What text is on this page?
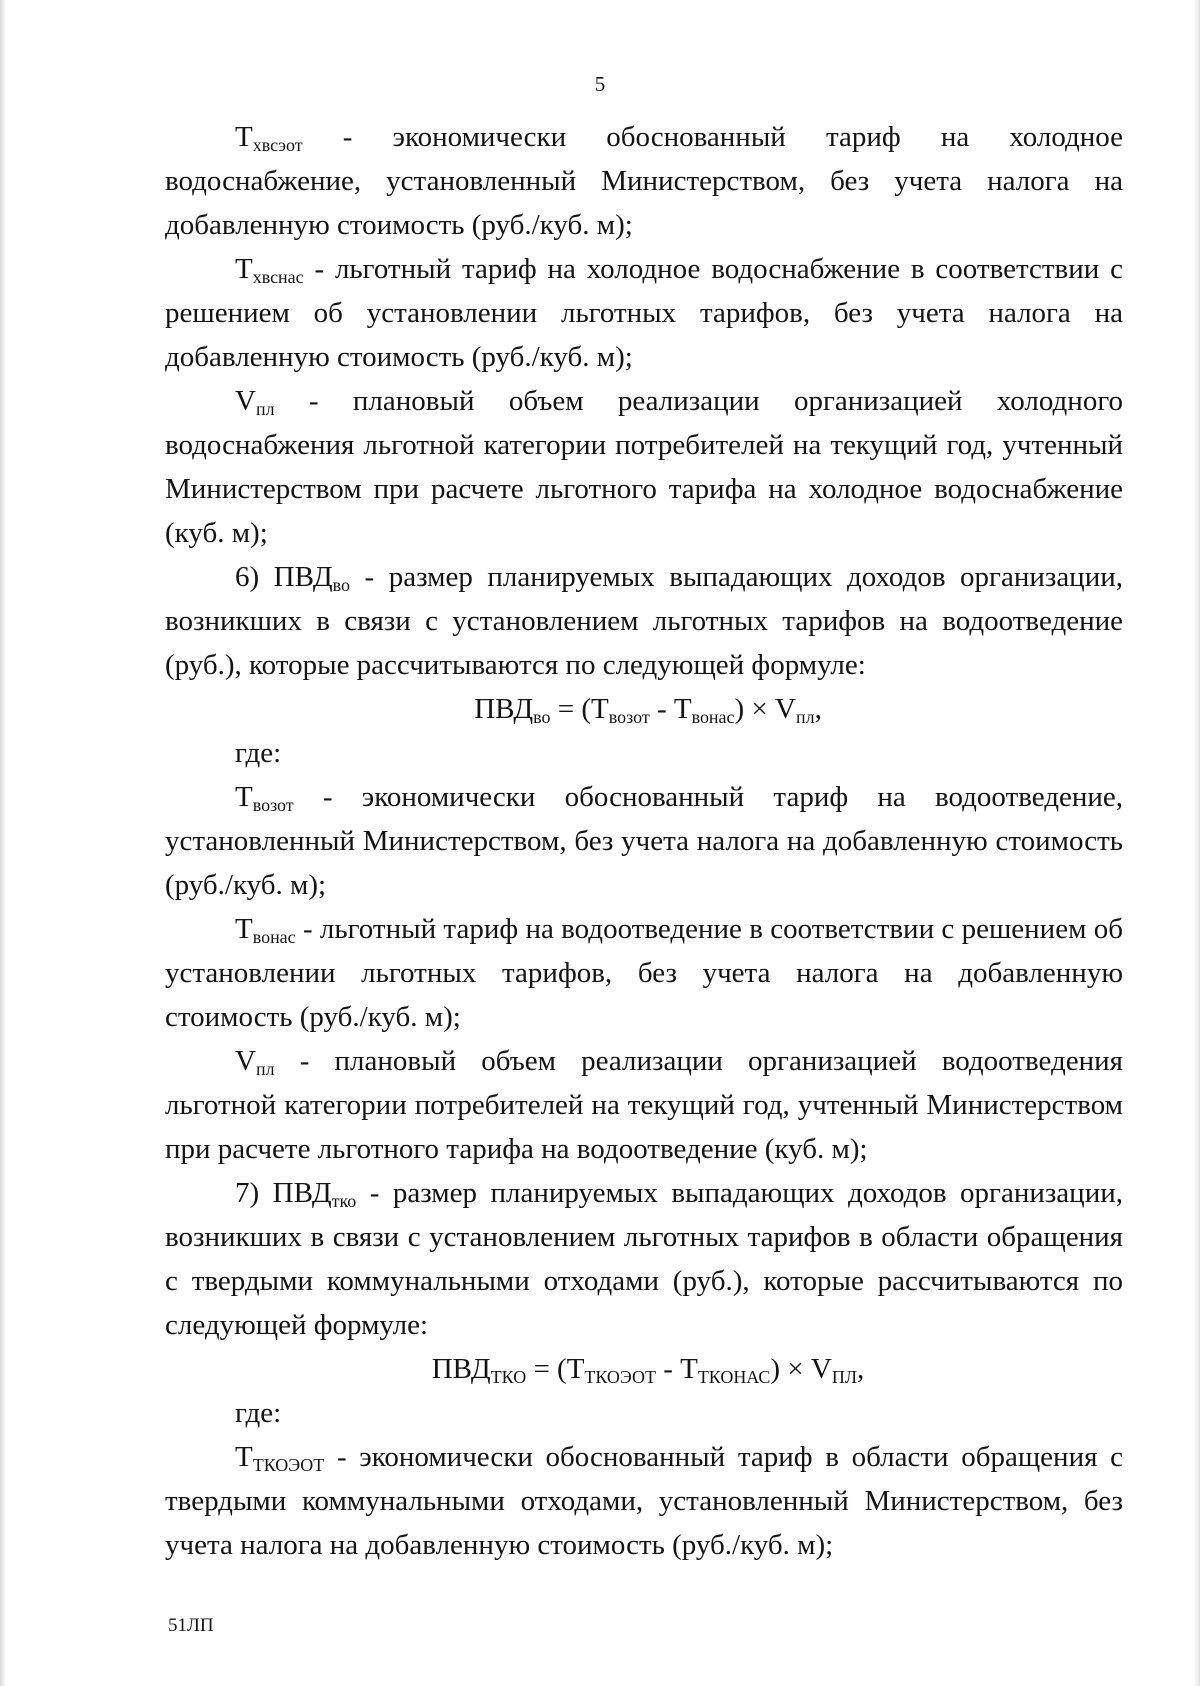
5

$Т_{хвсэот}$ - экономически обоснованный тариф на холодное водоснабжение, установленный Министерством, без учета налога на добавленную стоимость (руб./куб. м);

$Т_{хвснас}$ - льготный тариф на холодное водоснабжение в соответствии с решением об установлении льготных тарифов, без учета налога на добавленную стоимость (руб./куб. м);

$V_{пл}$ - плановый объем реализации организацией холодного водоснабжения льготной категории потребителей на текущий год, учтенный Министерством при расчете льготного тарифа на холодное водоснабжение (куб. м);

6) $ПВД_{во}$ - размер планируемых выпадающих доходов организации, возникших в связи с установлением льготных тарифов на водоотведение (руб.), которые рассчитываются по следующей формуле:

$ПВД_{во} = (Т_{возот} - Т_{вонас}) \times V_{пл}$,

где:

$Т_{возот}$ - экономически обоснованный тариф на водоотведение, установленный Министерством, без учета налога на добавленную стоимость (руб./куб. м);

$Т_{вонас}$ - льготный тариф на водоотведение в соответствии с решением об установлении льготных тарифов, без учета налога на добавленную стоимость (руб./куб. м);

$V_{пл}$ - плановый объем реализации организацией водоотведения льготной категории потребителей на текущий год, учтенный Министерством при расчете льготного тарифа на водоотведение (куб. м);

7) $ПВД_{тко}$ - размер планируемых выпадающих доходов организации, возникших в связи с установлением льготных тарифов в области обращения с твердыми коммунальными отходами (руб.), которые рассчитываются по следующей формуле:

$ПВД_{ТКО} = (Т_{ТКОЭОТ} - Т_{ТКОНАС}) \times V_{ПЛ}$,

где:

$Т_{ТКОЭОТ}$ - экономически обоснованный тариф в области обращения с твердыми коммунальными отходами, установленный Министерством, без учета налога на добавленную стоимость (руб./куб. м);

51ЛП
